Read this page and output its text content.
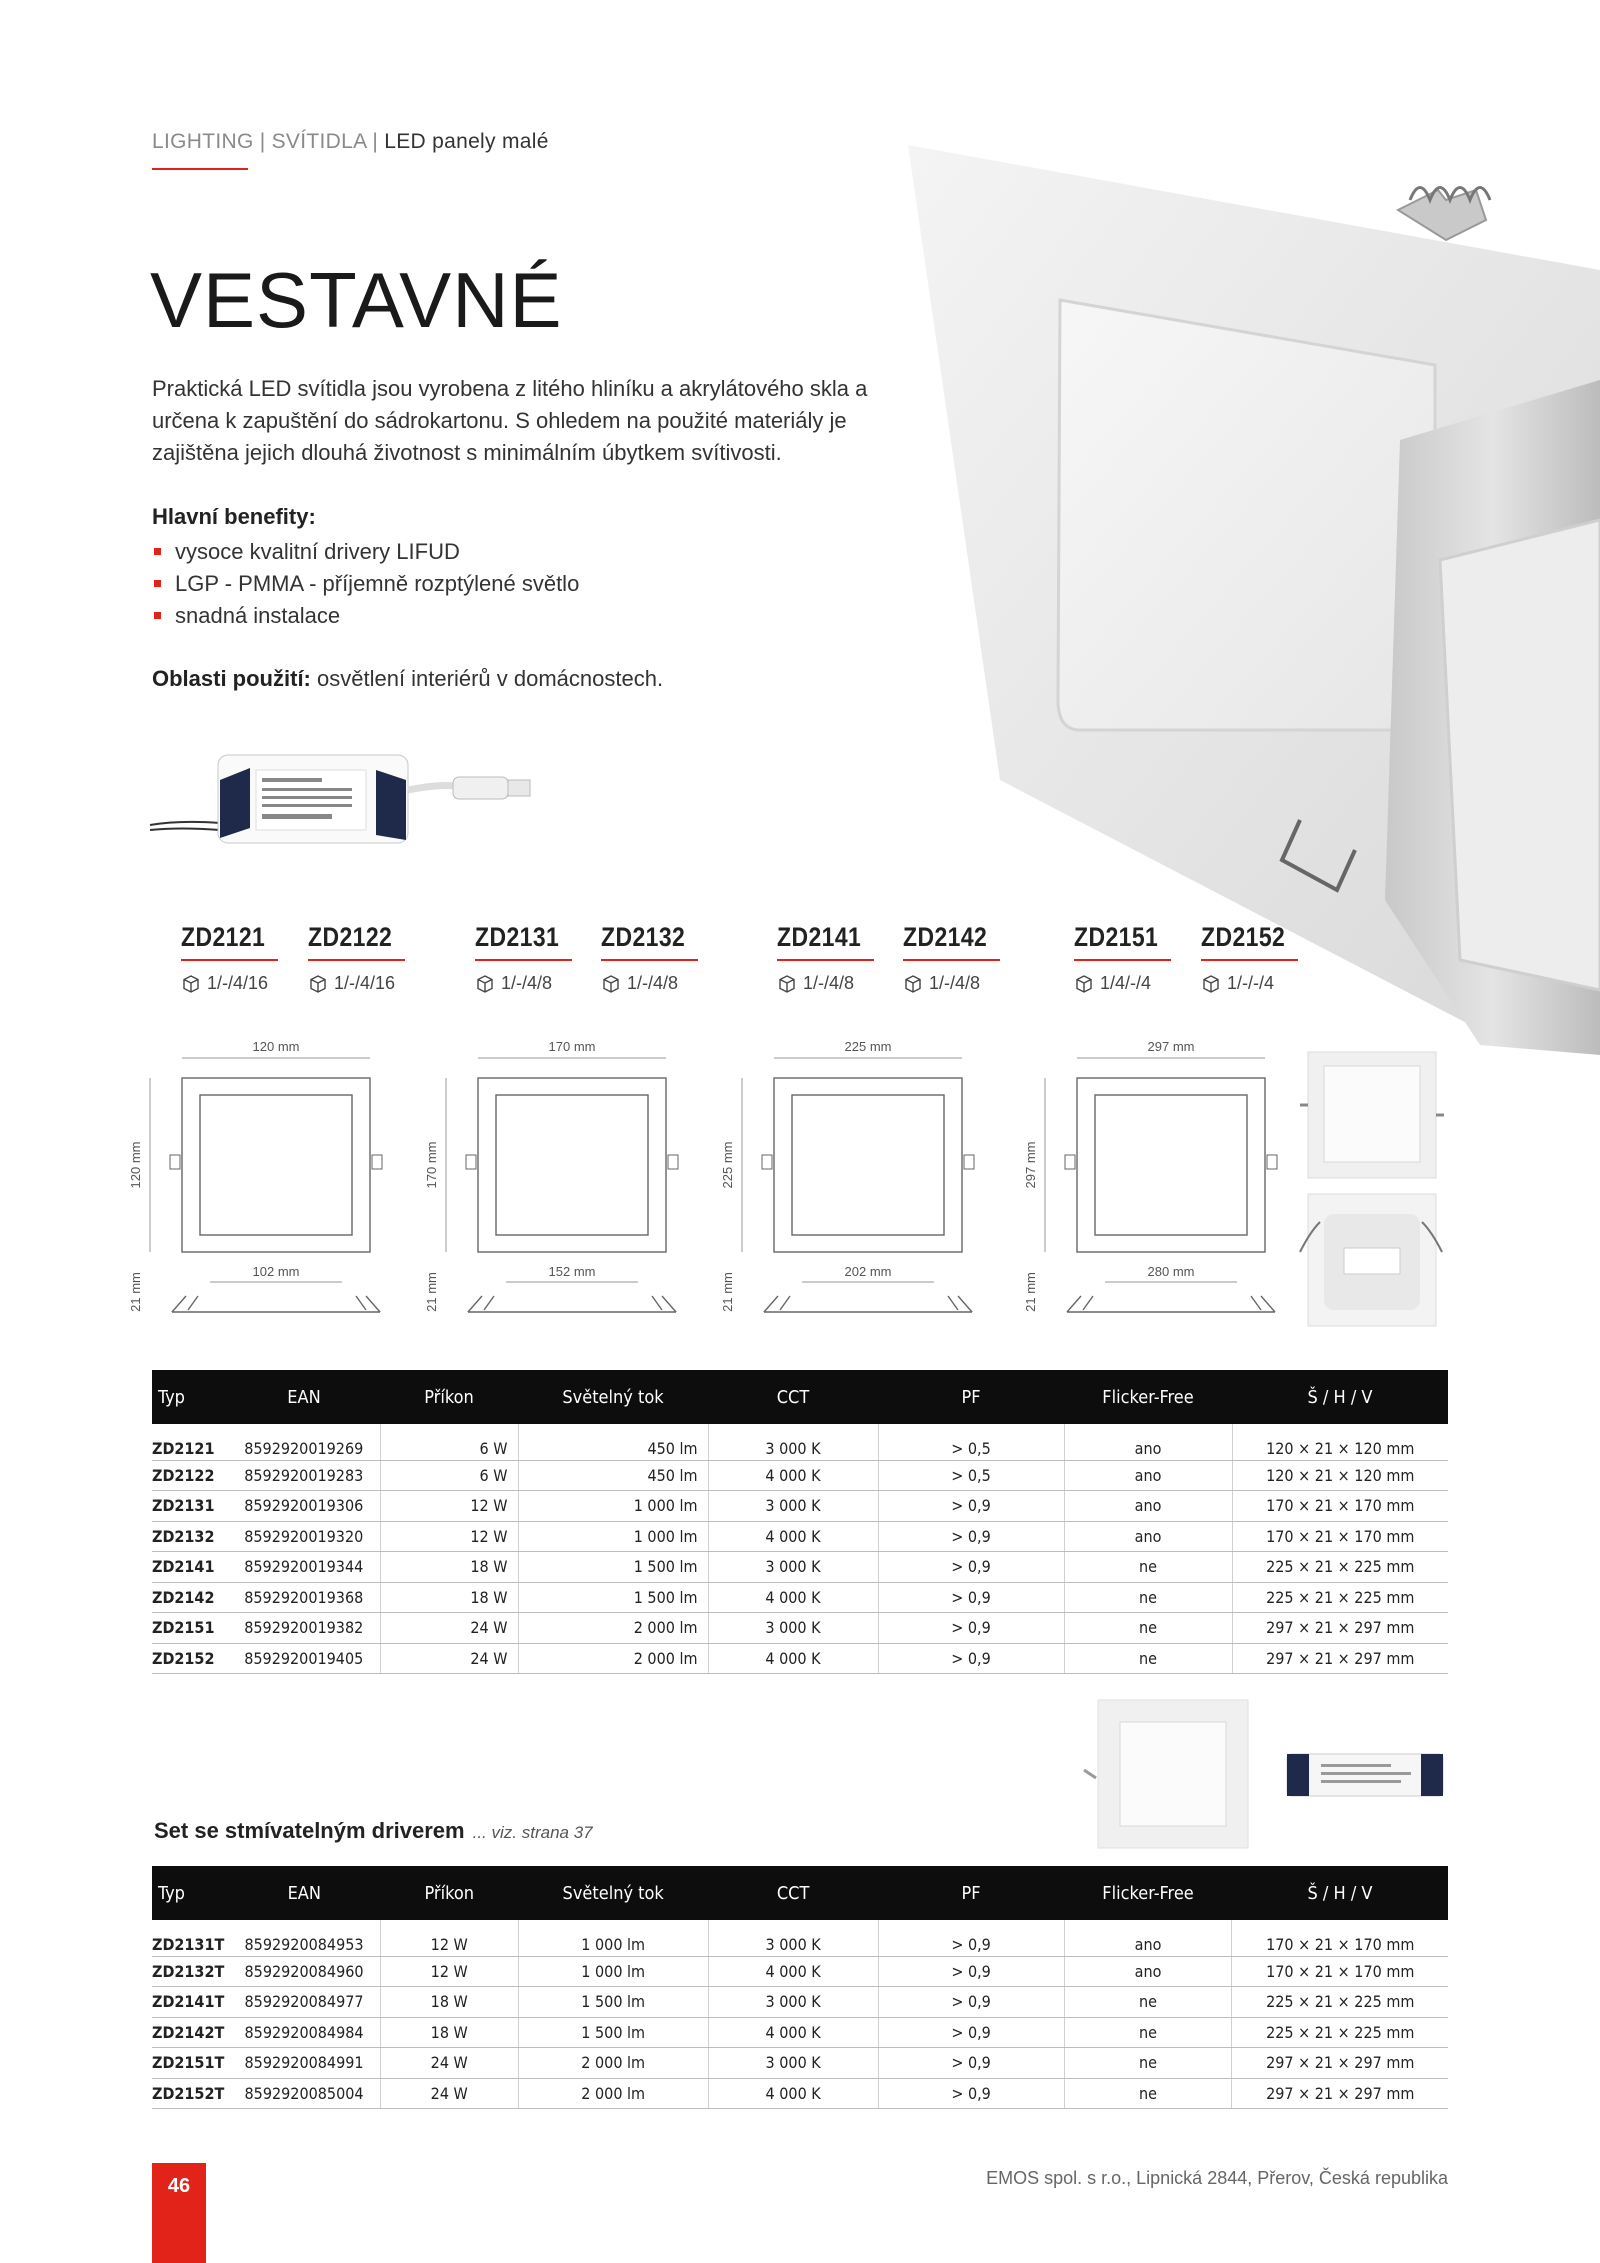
LIGHTING | SVÍTIDLA | LED panely malé
VESTAVNÉ

Praktická LED svítidla jsou vyrobena z litého hliníku a akrylátového skla a určena k zapuštění do sádrokartonu. S ohledem na použité materiály je zajištěna jejich dlouhá životnost s minimálním úbytkem svítivosti.

Hlavní benefity:
vysoce kvalitní drivery LIFUD
LGP - PMMA - příjemně rozptýlené světlo
snadná instalace
Oblasti použití: osvětlení interiérů v domácnostech.
ZD2121
1/-/4/16
ZD2122
1/-/4/16
ZD2131
1/-/4/8
ZD2132
1/-/4/8
ZD2141
1/-/4/8
ZD2142
1/-/4/8
ZD2151
1/4/-/4
ZD2152
1/-/-/4
120 mm
120 mm
102 mm
21 mm
170 mm
170 mm
152 mm
21 mm
225 mm
225 mm
202 mm
21 mm
297 mm
297 mm
280 mm
21 mm
Typ	EAN	Příkon	Světelný tok	CCT	PF	Flicker-Free	Š / H / V
ZD2121	8592920019269	6 W	450 lm	3 000 K	> 0,5	ano	120 × 21 × 120 mm
ZD2122	8592920019283	6 W	450 lm	4 000 K	> 0,5	ano	120 × 21 × 120 mm
ZD2131	8592920019306	12 W	1 000 lm	3 000 K	> 0,9	ano	170 × 21 × 170 mm
ZD2132	8592920019320	12 W	1 000 lm	4 000 K	> 0,9	ano	170 × 21 × 170 mm
ZD2141	8592920019344	18 W	1 500 lm	3 000 K	> 0,9	ne	225 × 21 × 225 mm
ZD2142	8592920019368	18 W	1 500 lm	4 000 K	> 0,9	ne	225 × 21 × 225 mm
ZD2151	8592920019382	24 W	2 000 lm	3 000 K	> 0,9	ne	297 × 21 × 297 mm
ZD2152	8592920019405	24 W	2 000 lm	4 000 K	> 0,9	ne	297 × 21 × 297 mm
Set se stmívatelným driverem ... viz. strana 37
Typ	EAN	Příkon	Světelný tok	CCT	PF	Flicker-Free	Š / H / V
ZD2131T	8592920084953	12 W	1 000 lm	3 000 K	> 0,9	ano	170 × 21 × 170 mm
ZD2132T	8592920084960	12 W	1 000 lm	4 000 K	> 0,9	ano	170 × 21 × 170 mm
ZD2141T	8592920084977	18 W	1 500 lm	3 000 K	> 0,9	ne	225 × 21 × 225 mm
ZD2142T	8592920084984	18 W	1 500 lm	4 000 K	> 0,9	ne	225 × 21 × 225 mm
ZD2151T	8592920084991	24 W	2 000 lm	3 000 K	> 0,9	ne	297 × 21 × 297 mm
ZD2152T	8592920085004	24 W	2 000 lm	4 000 K	> 0,9	ne	297 × 21 × 297 mm
46	EMOS spol. s r.o., Lipnická 2844, Přerov, Česká republika
